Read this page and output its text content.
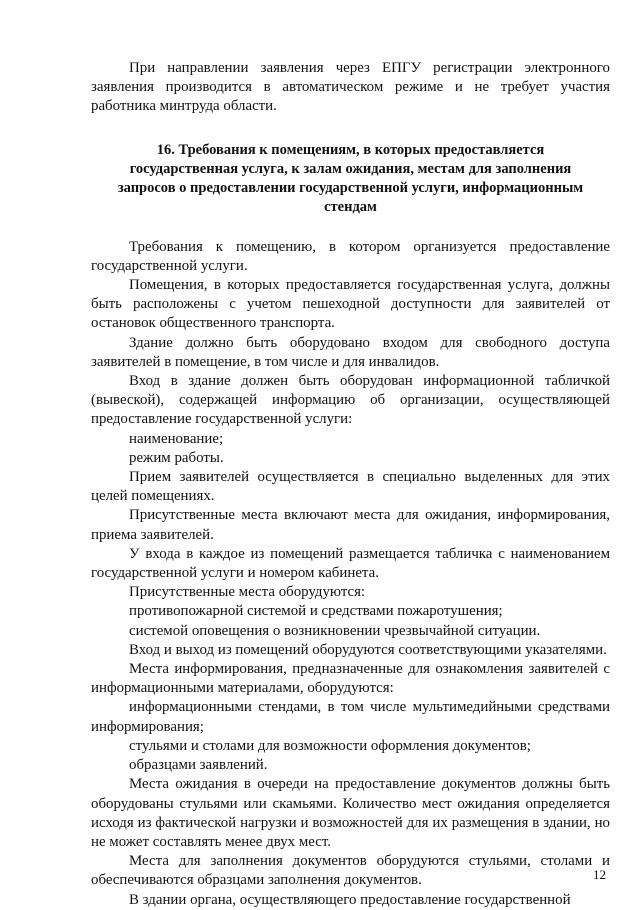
При направлении заявления через ЕПГУ регистрации электронного заявления производится в автоматическом режиме и не требует участия работника минтруда области.

16. Требования к помещениям, в которых предоставляется
государственная услуга, к залам ожидания, местам для заполнения
запросов о предоставлении государственной услуги, информационным
стендам

Требования к помещению, в котором организуется предоставление государственной услуги.

Помещения, в которых предоставляется государственная услуга, должны быть расположены с учетом пешеходной доступности для заявителей от остановок общественного транспорта.

Здание должно быть оборудовано входом для свободного доступа заявителей в помещение, в том числе и для инвалидов.

Вход в здание должен быть оборудован информационной табличкой (вывеской), содержащей информацию об организации, осуществляющей предоставление государственной услуги:

наименование;

режим работы.

Прием заявителей осуществляется в специально выделенных для этих целей помещениях.

Присутственные места включают места для ожидания, информирования, приема заявителей.

У входа в каждое из помещений размещается табличка с наименованием государственной услуги и номером кабинета.

Присутственные места оборудуются:

противопожарной системой и средствами пожаротушения;

системой оповещения о возникновении чрезвычайной ситуации.

Вход и выход из помещений оборудуются соответствующими указателями.

Места информирования, предназначенные для ознакомления заявителей с информационными материалами, оборудуются:

информационными стендами, в том числе мультимедийными средствами информирования;

стульями и столами для возможности оформления документов;

образцами заявлений.

Места ожидания в очереди на предоставление документов должны быть оборудованы стульями или скамьями. Количество мест ожидания определяется исходя из фактической нагрузки и возможностей для их размещения в здании, но не может составлять менее двух мест.

Места для заполнения документов оборудуются стульями, столами и обеспечиваются образцами заполнения документов.

В здании органа, осуществляющего предоставление государственной

12
